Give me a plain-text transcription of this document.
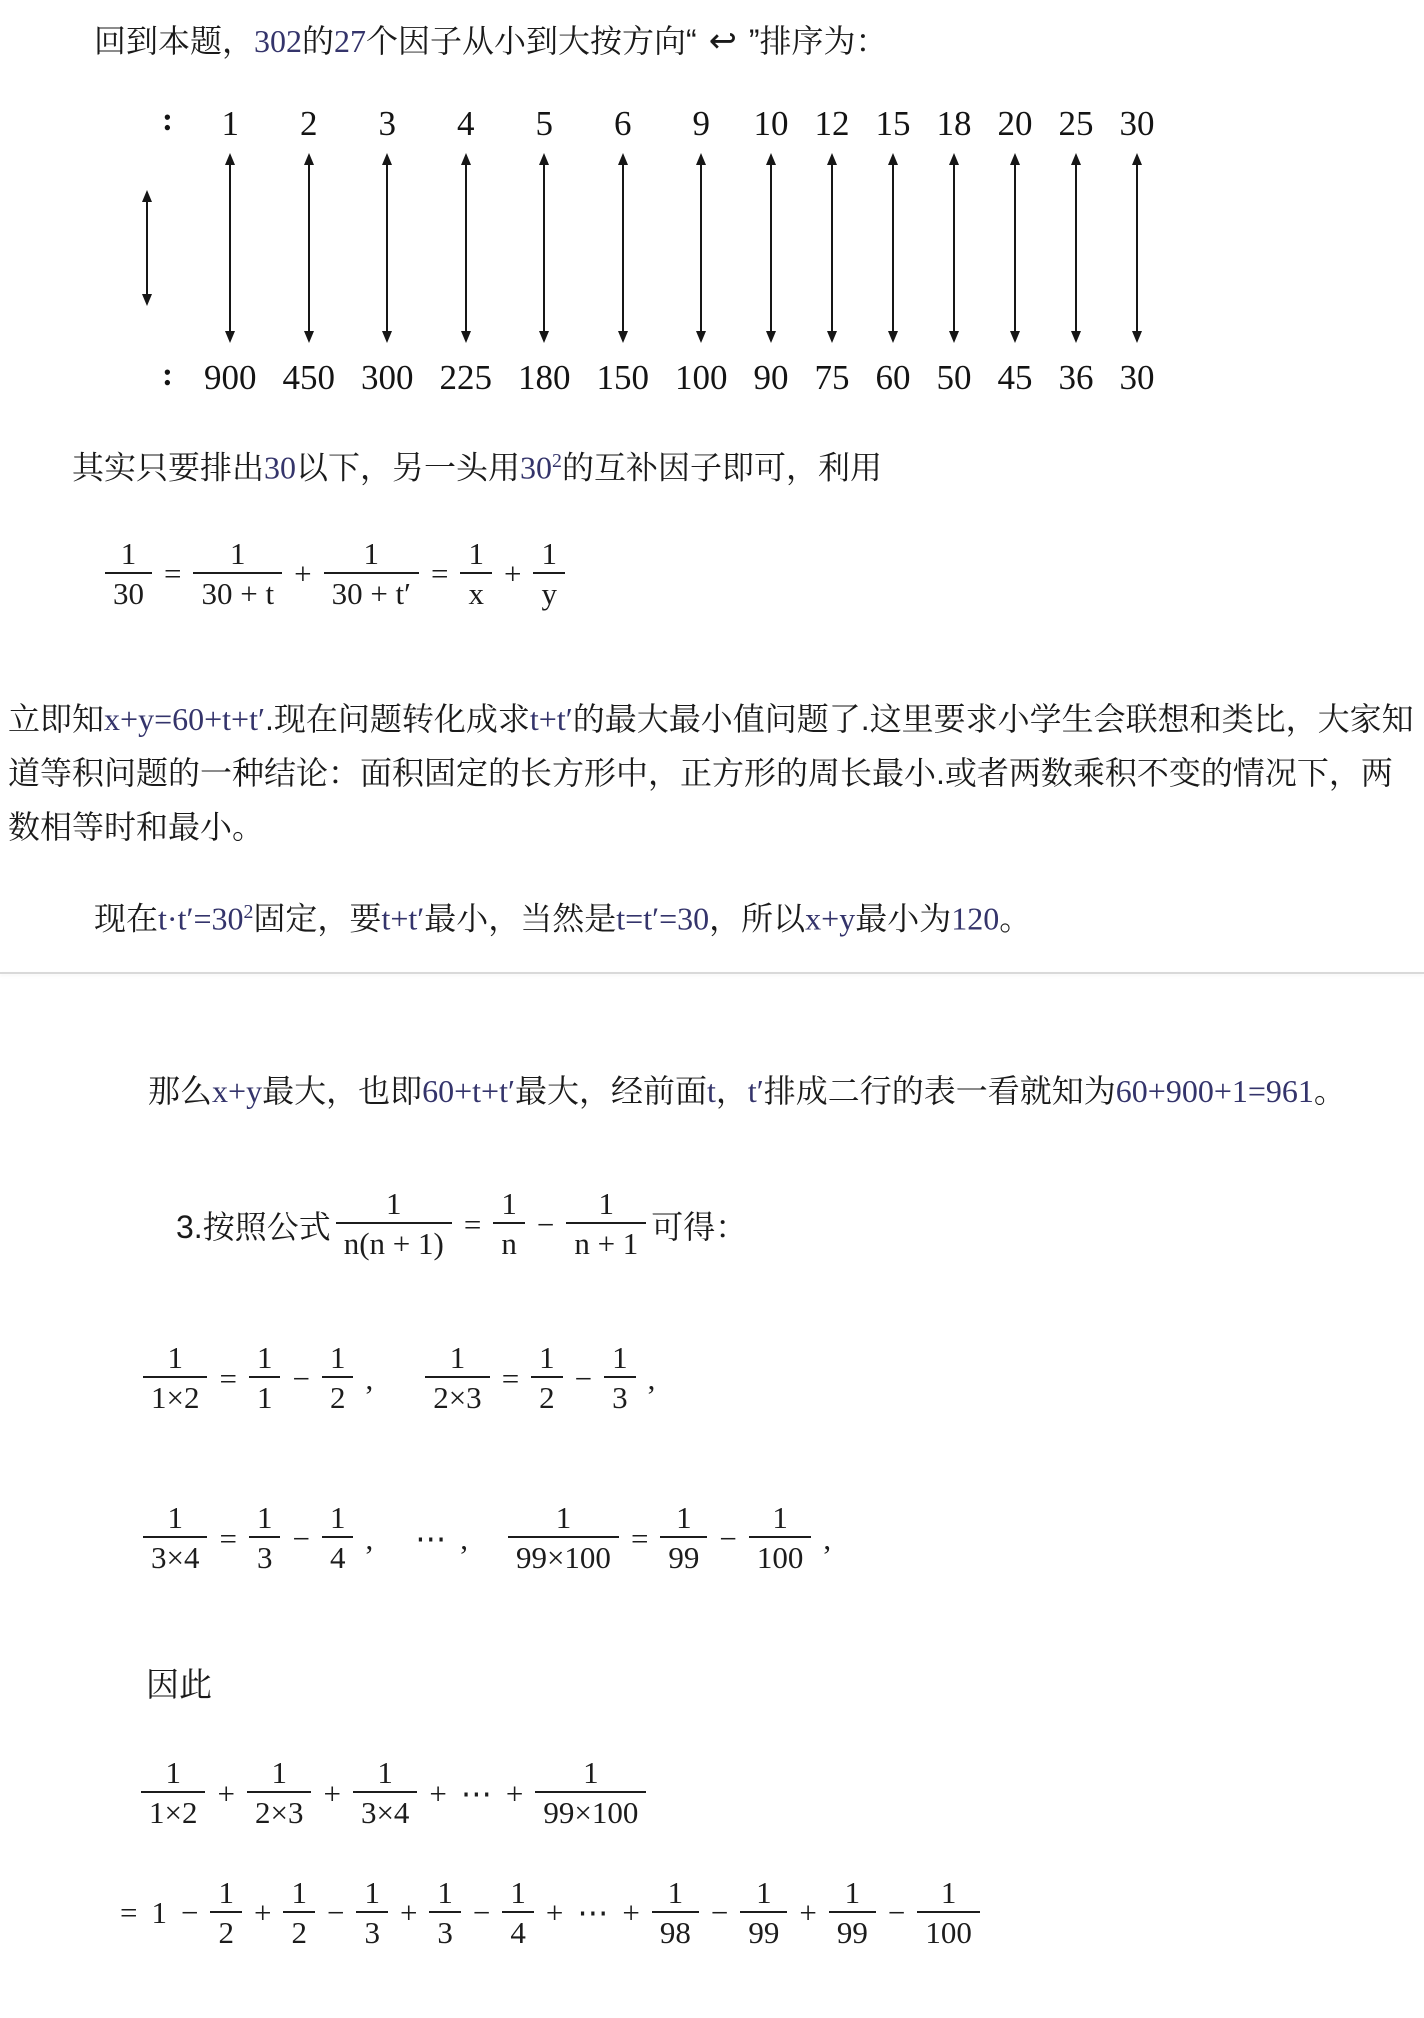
回到本题，302的27个因子从小到大按方向“ ↩ ”排序为：

:
:
1
900
2
450
3
300
4
225
5
180
6
150
9
100
10
90
12
75
15
60
18
50
20
45
25
36
30
30

其实只要排出30以下，另一头用$30^2$的互补因子即可，利用

$\frac{1}{30} = \frac{1}{30 + t} + \frac{1}{30 + t'} = \frac{1}{x} + \frac{1}{y}$

立即知x+y=60+t+t′.现在问题转化成求t+t′的最大最小值问题了.这里要求小学生会联想和类比，大家知道等积问题的一种结论：面积固定的长方形中，正方形的周长最小.或者两数乘积不变的情况下，两数相等时和最小。

现在$t\cdot t'=30^2$固定，要t+t′最小，当然是t=t′=30，所以x+y最小为120。

那么x+y最大，也即60+t+t′最大，经前面t，t′排成二行的表一看就知为60+900+1=961。

3.按照公式 $\frac{1}{n(n + 1)} = \frac{1}{n} - \frac{1}{n + 1}$ 可得：
$\frac{1}{1\times 2} = \frac{1}{1} - \frac{1}{2}$ , $\frac{1}{2\times 3} = \frac{1}{2} - \frac{1}{3}$ ,
$\frac{1}{3\times 4} = \frac{1}{3} - \frac{1}{4}$ , ⋯ , $\frac{1}{99\times 100} = \frac{1}{99} - \frac{1}{100}$ ,

因此

$\frac{1}{1\times 2} + \frac{1}{2\times 3} + \frac{1}{3\times 4}$ + ⋯ + $\frac{1}{99\times 100}$
= $1 - \frac{1}{2} + \frac{1}{2} - \frac{1}{3} + \frac{1}{3} - \frac{1}{4}$ + ⋯ + $\frac{1}{98} - \frac{1}{99} + \frac{1}{99} - \frac{1}{100}$
